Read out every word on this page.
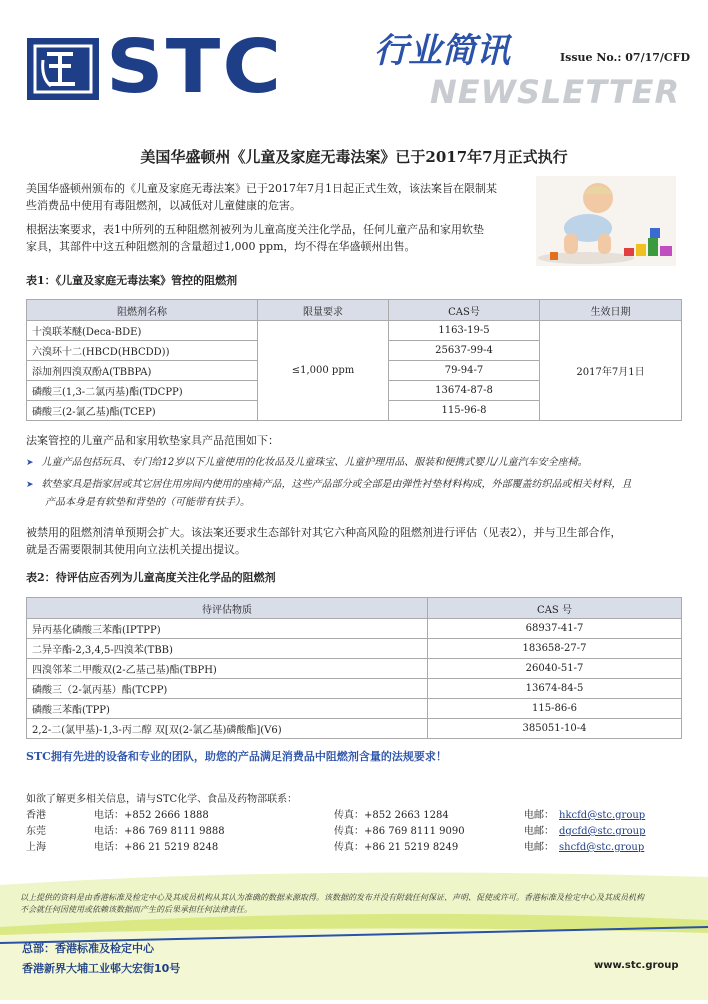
STC	行业简讯
NEWSLETTER
Issue No.: 07/17/CFD
美国华盛顿州《儿童及家庭无毒法案》已于2017年7月正式执行
美国华盛顿州颁布的《儿童及家庭无毒法案》已于2017年7月1日起正式生效，该法案旨在限制某
些消费品中使用有毒阻燃剂，以减低对儿童健康的危害。
根据法案要求，表1中所列的五种阻燃剂被列为儿童高度关注化学品，任何儿童产品和家用软垫
家具，其部件中这五种阻燃剂的含量超过1,000 ppm，均不得在华盛顿州出售。
表1：《儿童及家庭无毒法案》管控的阻燃剂
阻燃剂名称	限量要求	CAS号	生效日期
十溴联苯醚(Deca-BDE)	≤1,000 ppm	1163-19-5	2017年7月1日
六溴环十二(HBCD(HBCDD))		25637-99-4	
添加剂四溴双酚A(TBBPA)		79-94-7	
磷酸三(1,3-二氯丙基)酯(TDCPP)		13674-87-8	
磷酸三(2-氯乙基)酯(TCEP)		115-96-8	
法案管控的儿童产品和家用软垫家具产品范围如下：
➤ 儿童产品包括玩具、专门给12岁以下儿童使用的化妆品及儿童珠宝、儿童护理用品、服装和便携式婴儿/儿童汽车安全座椅。
➤ 软垫家具是指家居或其它居住用房间内使用的座椅产品，这些产品部分或全部是由弹性衬垫材料构成，外部覆盖纺织品或相关材料，且
产品本身是有软垫和背垫的（可能带有扶手）。
被禁用的阻燃剂清单预期会扩大。该法案还要求生态部针对其它六种高风险的阻燃剂进行评估（见表2），并与卫生部合作，
就是否需要限制其使用向立法机关提出提议。
表2：待评估应否列为儿童高度关注化学品的阻燃剂
待评估物质	CAS 号
异丙基化磷酸三苯酯(IPTPP)	68937-41-7
二异辛酯-2,3,4,5-四溴苯(TBB)	183658-27-7
四溴邻苯二甲酸双(2-乙基己基)酯(TBPH)	26040-51-7
磷酸三（2-氯丙基）酯(TCPP)	13674-84-5
磷酸三苯酯(TPP)	115-86-6
2,2-二(氯甲基)-1,3-丙二醇 双[双(2-氯乙基)磷酸酯](V6)	385051-10-4
STC拥有先进的设备和专业的团队，助您的产品满足消费品中阻燃剂含量的法规要求！
如欲了解更多相关信息，请与STC化学、食品及药物部联系：
香港	电话：+852 2666 1888	传真：+852 2663 1284	电邮： hkcfd@stc.group
东莞	电话：+86 769 8111 9888	传真：+86 769 8111 9090	电邮： dgcfd@stc.group
上海	电话：+86 21 5219 8248	传真：+86 21 5219 8249	电邮： shcfd@stc.group
以上提供的资料是由香港标准及检定中心及其成员机构从其认为准确的数据来源取得。该数据的发布并没有附载任何保证、声明、促使或许可。香港标准及检定中心及其成员机构
不会就任何因使用或依赖该数据而产生的后果承担任何法律责任。
总部：香港标准及检定中心
香港新界大埔工业邨大宏街10号	www.stc.group
